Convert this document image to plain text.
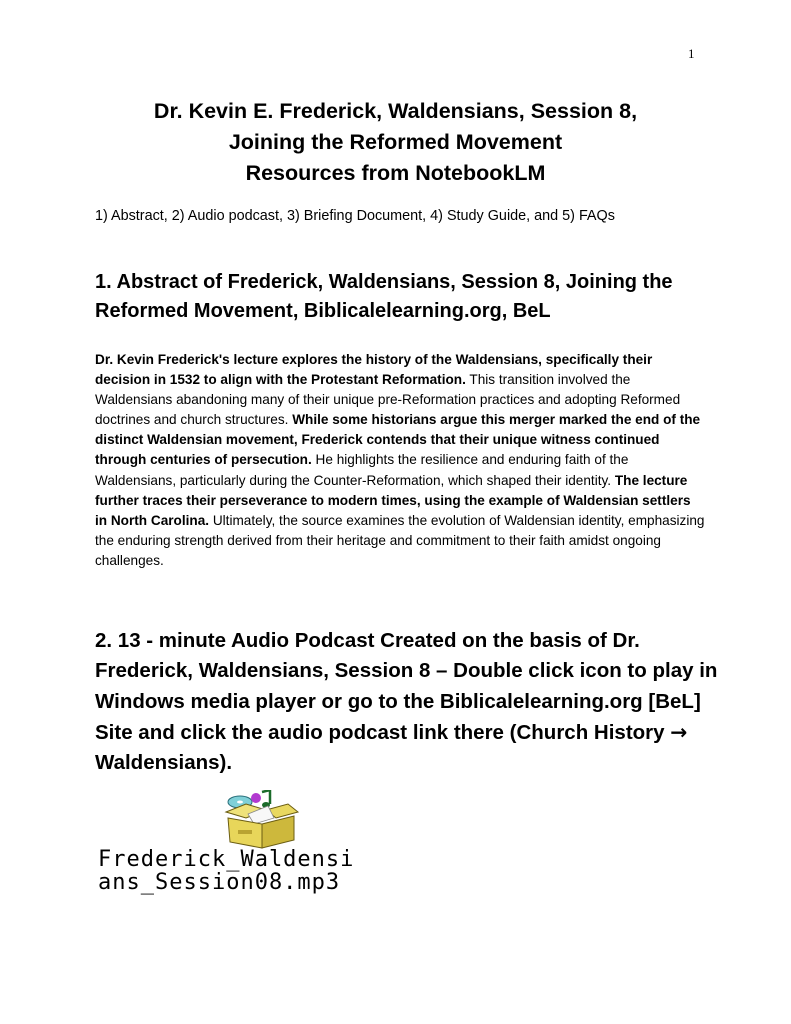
1
Dr. Kevin E. Frederick, Waldensians, Session 8,
Joining the Reformed Movement
Resources from NotebookLM
1) Abstract, 2) Audio podcast, 3) Briefing Document, 4) Study Guide, and 5) FAQs
1. Abstract of Frederick, Waldensians, Session 8, Joining the Reformed Movement, Biblicalelearning.org, BeL
Dr. Kevin Frederick's lecture explores the history of the Waldensians, specifically their decision in 1532 to align with the Protestant Reformation. This transition involved the Waldensians abandoning many of their unique pre-Reformation practices and adopting Reformed doctrines and church structures. While some historians argue this merger marked the end of the distinct Waldensian movement, Frederick contends that their unique witness continued through centuries of persecution. He highlights the resilience and enduring faith of the Waldensians, particularly during the Counter-Reformation, which shaped their identity. The lecture further traces their perseverance to modern times, using the example of Waldensian settlers in North Carolina. Ultimately, the source examines the evolution of Waldensian identity, emphasizing the enduring strength derived from their heritage and commitment to their faith amidst ongoing challenges.
2. 13 - minute Audio Podcast Created on the basis of Dr. Frederick, Waldensians, Session 8 – Double click icon to play in Windows media player or go to the Biblicalelearning.org [BeL] Site and click the audio podcast link there (Church History → Waldensians).
Frederick_Waldensi
ans_Session08.mp3
